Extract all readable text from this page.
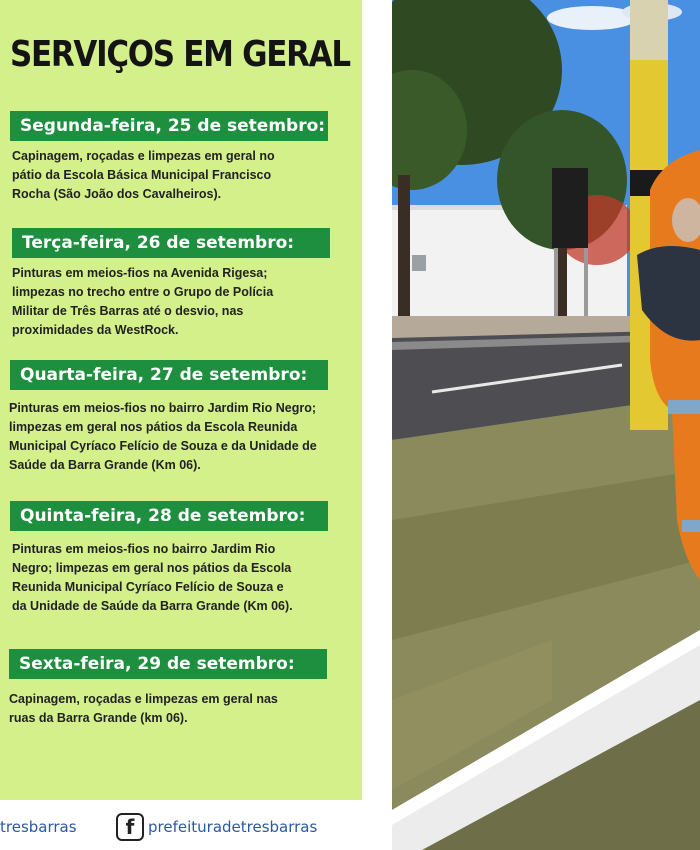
SERVIÇOS EM GERAL
Segunda-feira, 25 de setembro:
Capinagem, roçadas e limpezas em geral no
pátio da Escola Básica Municipal Francisco
Rocha (São João dos Cavalheiros).
Terça-feira, 26 de setembro:
Pinturas em meios-fios na Avenida Rigesa;
limpezas no trecho entre o Grupo de Polícia
Militar de Três Barras até o desvio, nas
proximidades da WestRock.
Quarta-feira, 27 de setembro:
Pinturas em meios-fios no bairro Jardim Rio Negro;
limpezas em geral nos pátios da Escola Reunida
Municipal Cyríaco Felício de Souza e da Unidade de
Saúde da Barra Grande (Km 06).
Quinta-feira, 28 de setembro:
Pinturas em meios-fios no bairro Jardim Rio
Negro; limpezas em geral nos pátios da Escola
Reunida Municipal Cyríaco Felício de Souza e
da Unidade de Saúde da Barra Grande (Km 06).
Sexta-feira, 29 de setembro:
Capinagem, roçadas e limpezas em geral nas
ruas da Barra Grande (km 06).
tresbarras	f prefeituradetresbarras
